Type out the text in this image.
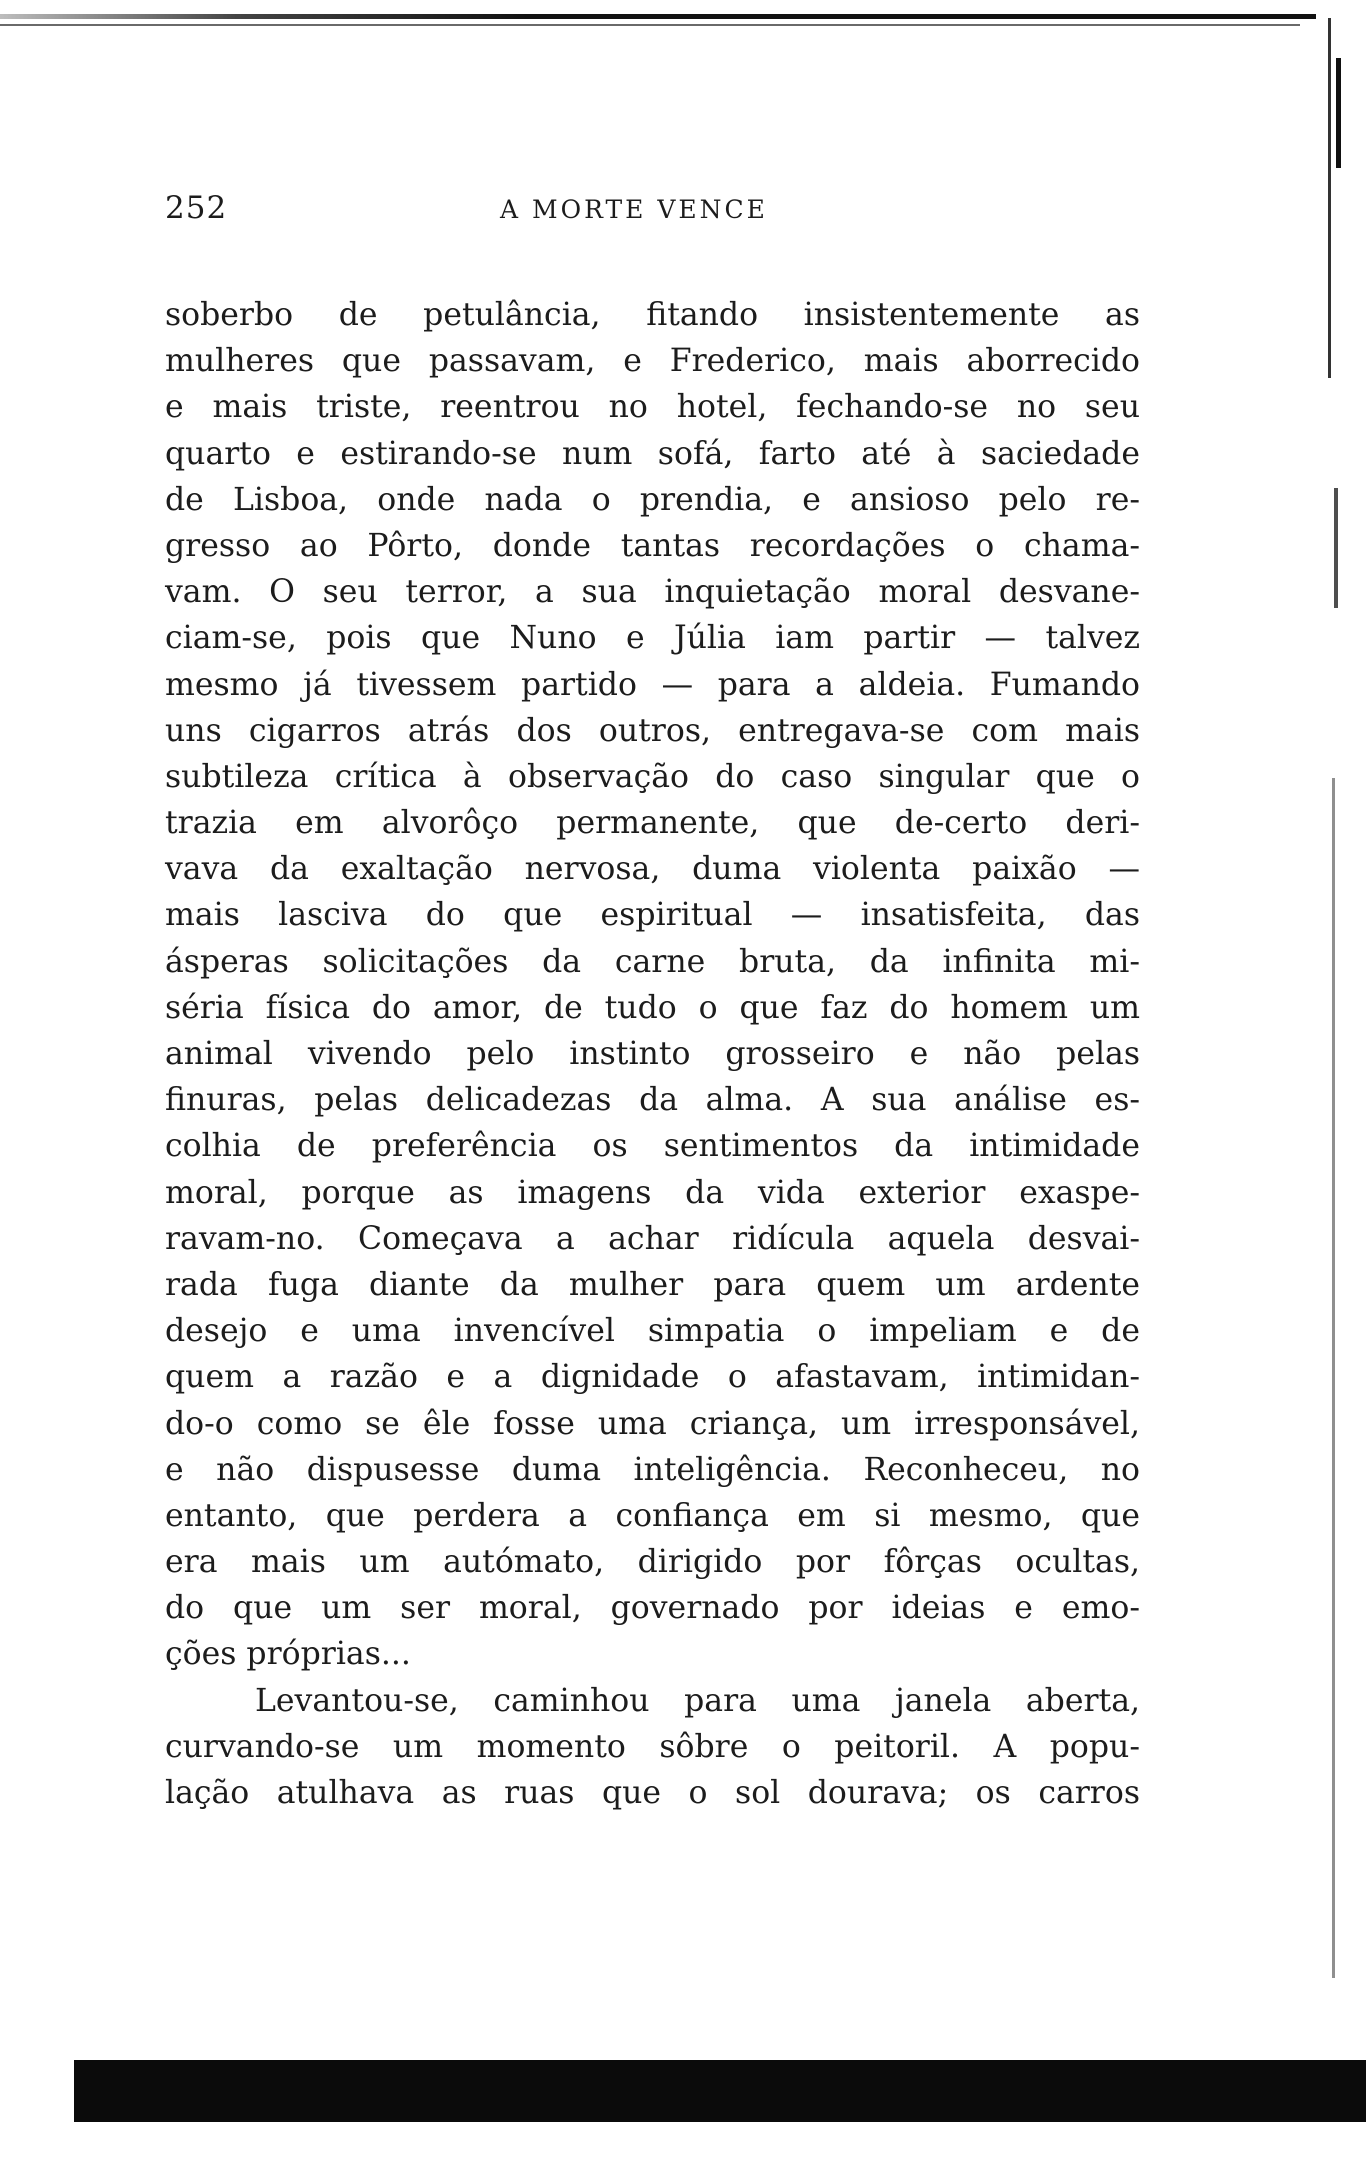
252	A MORTE VENCE
soberbo de petulância, fitando insistentemente as
mulheres que passavam, e Frederico, mais aborrecido
e mais triste, reentrou no hotel, fechando-se no seu
quarto e estirando-se num sofá, farto até à saciedade
de Lisboa, onde nada o prendia, e ansioso pelo re-
gresso ao Pôrto, donde tantas recordações o chama-
vam. O seu terror, a sua inquietação moral desvane-
ciam-se, pois que Nuno e Júlia iam partir — talvez
mesmo já tivessem partido — para a aldeia. Fumando
uns cigarros atrás dos outros, entregava-se com mais
subtileza crítica à observação do caso singular que o
trazia em alvorôço permanente, que de-certo deri-
vava da exaltação nervosa, duma violenta paixão —
mais lasciva do que espiritual — insatisfeita, das
ásperas solicitações da carne bruta, da infinita mi-
séria física do amor, de tudo o que faz do homem um
animal vivendo pelo instinto grosseiro e não pelas
finuras, pelas delicadezas da alma. A sua análise es-
colhia de preferência os sentimentos da intimidade
moral, porque as imagens da vida exterior exaspe-
ravam-no. Começava a achar ridícula aquela desvai-
rada fuga diante da mulher para quem um ardente
desejo e uma invencível simpatia o impeliam e de
quem a razão e a dignidade o afastavam, intimidan-
do-o como se êle fosse uma criança, um irresponsável,
e não dispusesse duma inteligência. Reconheceu, no
entanto, que perdera a confiança em si mesmo, que
era mais um autómato, dirigido por fôrças ocultas,
do que um ser moral, governado por ideias e emo-
ções próprias...
Levantou-se, caminhou para uma janela aberta,
curvando-se um momento sôbre o peitoril. A popu-
lação atulhava as ruas que o sol dourava; os carros
